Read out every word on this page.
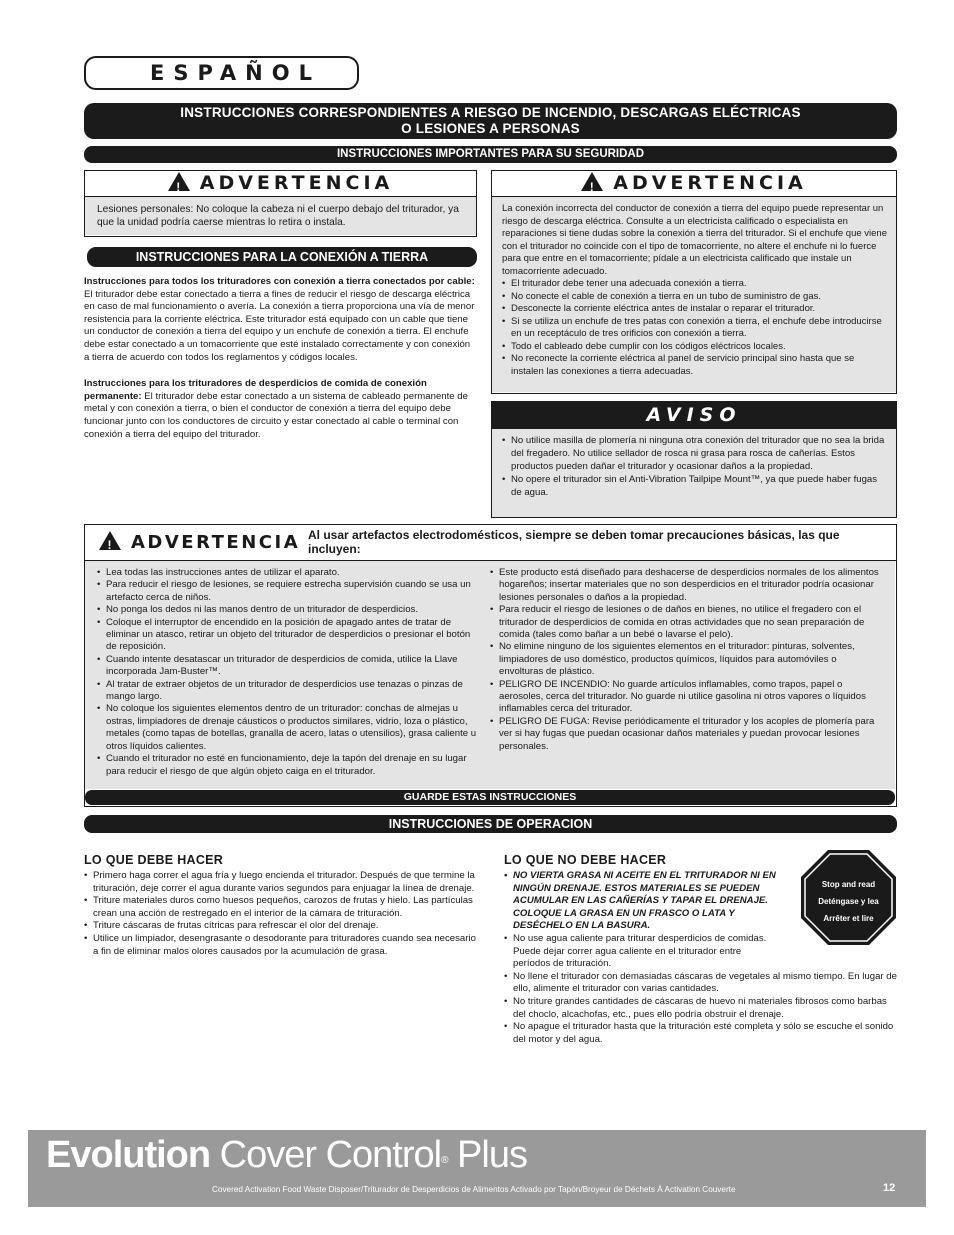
ESPAÑOL
INSTRUCCIONES CORRESPONDIENTES A RIESGO DE INCENDIO, DESCARGAS ELÉCTRICAS
O LESIONES A PERSONAS
INSTRUCCIONES IMPORTANTES PARA SU SEGURIDAD
!ADVERTENCIA
Lesiones personales: No coloque la cabeza ni el cuerpo debajo del triturador, ya que la unidad podría caerse mientras lo retira o instala.
INSTRUCCIONES PARA LA CONEXIÓN A TIERRA

Instrucciones para todos los trituradores con conexión a tierra conectados por cable: El triturador debe estar conectado a tierra a fines de reducir el riesgo de descarga eléctrica en caso de mal funcionamiento o avería. La conexión a tierra proporciona una vía de menor resistencia para la corriente eléctrica. Este triturador está equipado con un cable que tiene un conductor de conexión a tierra del equipo y un enchufe de conexión a tierra. El enchufe debe estar conectado a un tomacorriente que esté instalado correctamente y con conexión a tierra de acuerdo con todos los reglamentos y códigos locales.

Instrucciones para los trituradores de desperdicios de comida de conexión permanente: El triturador debe estar conectado a un sistema de cableado permanente de metal y con conexión a tierra, o bien el conductor de conexión a tierra del equipo debe funcionar junto con los conductores de circuito y estar conectado al cable o terminal con conexión a tierra del equipo del triturador.

!ADVERTENCIA

La conexión incorrecta del conductor de conexión a tierra del equipo puede representar un riesgo de descarga eléctrica. Consulte a un electricista calificado o especialista en reparaciones si tiene dudas sobre la conexión a tierra del triturador. Si el enchufe que viene con el triturador no coincide con el tipo de tomacorriente, no altere el enchufe ni lo fuerce para que entre en el tomacorriente; pídale a un electricista calificado que instale un tomacorriente adecuado.

• El triturador debe tener una adecuada conexión a tierra.
• No conecte el cable de conexión a tierra en un tubo de suministro de gas.
• Desconecte la corriente eléctrica antes de instalar o reparar el triturador.
• Si se utiliza un enchufe de tres patas con conexión a tierra, el enchufe debe introducirse en un receptáculo de tres orificios con conexión a tierra.
• Todo el cableado debe cumplir con los códigos eléctricos locales.
• No reconecte la corriente eléctrica al panel de servicio principal sino hasta que se instalen las conexiones a tierra adecuadas.
AVISO
• No utilice masilla de plomería ni ninguna otra conexión del triturador que no sea la brida del fregadero. No utilice sellador de rosca ni grasa para rosca de cañerías. Estos productos pueden dañar el triturador y ocasionar daños a la propiedad.
• No opere el triturador sin el Anti-Vibration Tailpipe Mount™, ya que puede haber fugas de agua.
!ADVERTENCIA Al usar artefactos electrodomésticos, siempre se deben tomar precauciones básicas, las que incluyen:
• Lea todas las instrucciones antes de utilizar el aparato.
• Para reducir el riesgo de lesiones, se requiere estrecha supervisión cuando se usa un artefacto cerca de niños.
• No ponga los dedos ni las manos dentro de un triturador de desperdicios.
• Coloque el interruptor de encendido en la posición de apagado antes de tratar de eliminar un atasco, retirar un objeto del triturador de desperdicios o presionar el botón de reposición.
• Cuando intente desatascar un triturador de desperdicios de comida, utilice la Llave incorporada Jam-Buster™.
• Al tratar de extraer objetos de un triturador de desperdicios use tenazas o pinzas de mango largo.
• No coloque los siguientes elementos dentro de un triturador: conchas de almejas u ostras, limpiadores de drenaje cáusticos o productos similares, vidrio, loza o plástico, metales (como tapas de botellas, granalla de acero, latas o utensilios), grasa caliente u otros líquidos calientes.
• Cuando el triturador no esté en funcionamiento, deje la tapón del drenaje en su lugar para reducir el riesgo de que algún objeto caiga en el triturador.
• Este producto está diseñado para deshacerse de desperdicios normales de los alimentos hogareños; insertar materiales que no son desperdicios en el triturador podría ocasionar lesiones personales o daños a la propiedad.
• Para reducir el riesgo de lesiones o de daños en bienes, no utilice el fregadero con el triturador de desperdicios de comida en otras actividades que no sean preparación de comida (tales como bañar a un bebé o lavarse el pelo).
• No elimine ninguno de los siguientes elementos en el triturador: pinturas, solventes, limpiadores de uso doméstico, productos químicos, líquidos para automóviles o envolturas de plástico.
• PELIGRO DE INCENDIO: No guarde artículos inflamables, como trapos, papel o aerosoles, cerca del triturador. No guarde ni utilice gasolina ni otros vapores o líquidos inflamables cerca del triturador.
• PELIGRO DE FUGA: Revise periódicamente el triturador y los acoples de plomería para ver si hay fugas que puedan ocasionar daños materiales y puedan provocar lesiones personales.
GUARDE ESTAS INSTRUCCIONES
INSTRUCCIONES DE OPERACION
LO QUE DEBE HACER
• Primero haga correr el agua fría y luego encienda el triturador. Después de que termine la trituración, deje correr el agua durante varios segundos para enjuagar la línea de drenaje.
• Triture materiales duros como huesos pequeños, carozos de frutas y hielo. Las partículas crean una acción de restregado en el interior de la cámara de trituración.
• Triture cáscaras de frutas cítricas para refrescar el olor del drenaje.
• Utilice un limpiador, desengrasante o desodorante para trituradores cuando sea necesario a fin de eliminar malos olores causados por la acumulación de grasa.
LO QUE NO DEBE HACER
• NO VIERTA GRASA NI ACEITE EN EL TRITURADOR NI EN NINGÚN DRENAJE. ESTOS MATERIALES SE PUEDEN ACUMULAR EN LAS CAÑERÍAS Y TAPAR EL DRENAJE. COLOQUE LA GRASA EN UN FRASCO O LATA Y DESÉCHELO EN LA BASURA.
• No use agua caliente para triturar desperdicios de comidas. Puede dejar correr agua caliente en el triturador entre períodos de trituración.
• No llene el triturador con demasiadas cáscaras de vegetales al mismo tiempo. En lugar de ello, alimente el triturador con varias cantidades.
• No triture grandes cantidades de cáscaras de huevo ni materiales fibrosos como barbas del choclo, alcachofas, etc., pues ello podría obstruir el drenaje.
• No apague el triturador hasta que la trituración esté completa y sólo se escuche el sonido del motor y del agua.
Stop and read
Deténgase y lea
Arrêter et lire
Evolution Cover Control® Plus
Covered Activation Food Waste Disposer/Triturador de Desperdicios de Alimentos Activado por Tapón/Broyeur de Déchets À Activation Couverte	12
